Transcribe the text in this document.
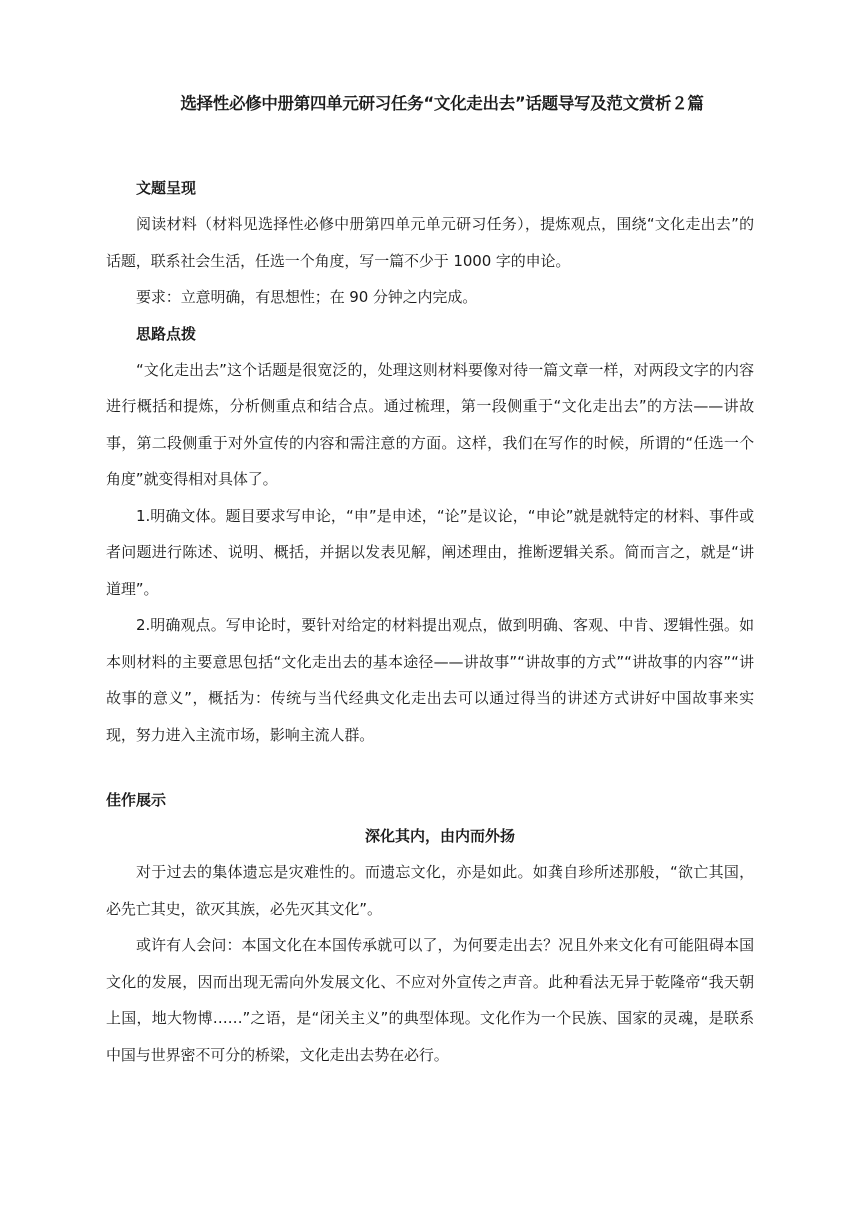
选择性必修中册第四单元研习任务“文化走出去”话题导写及范文赏析２篇
文题呈现

阅读材料（材料见选择性必修中册第四单元单元研习任务），提炼观点，围绕“文化走出去”的话题，联系社会生活，任选一个角度，写一篇不少于 1000 字的申论。

要求：立意明确，有思想性；在 90 分钟之内完成。

思路点拨

“文化走出去”这个话题是很宽泛的，处理这则材料要像对待一篇文章一样，对两段文字的内容进行概括和提炼，分析侧重点和结合点。通过梳理，第一段侧重于“文化走出去”的方法——讲故事，第二段侧重于对外宣传的内容和需注意的方面。这样，我们在写作的时候，所谓的“任选一个角度”就变得相对具体了。

1.明确文体。题目要求写申论，“申”是申述，“论”是议论，“申论”就是就特定的材料、事件或者问题进行陈述、说明、概括，并据以发表见解，阐述理由，推断逻辑关系。简而言之，就是“讲道理”。

2.明确观点。写申论时，要针对给定的材料提出观点，做到明确、客观、中肯、逻辑性强。如本则材料的主要意思包括“文化走出去的基本途径——讲故事”“讲故事的方式”“讲故事的内容”“讲故事的意义”，概括为：传统与当代经典文化走出去可以通过得当的讲述方式讲好中国故事来实现，努力进入主流市场，影响主流人群。

佳作展示
深化其内，由内而外扬

对于过去的集体遗忘是灾难性的。而遗忘文化，亦是如此。如龚自珍所述那般，“欲亡其国，必先亡其史，欲灭其族，必先灭其文化”。

或许有人会问：本国文化在本国传承就可以了，为何要走出去？况且外来文化有可能阻碍本国文化的发展，因而出现无需向外发展文化、不应对外宣传之声音。此种看法无异于乾隆帝“我天朝上国，地大物博……”之语，是“闭关主义”的典型体现。文化作为一个民族、国家的灵魂，是联系中国与世界密不可分的桥梁，文化走出去势在必行。
